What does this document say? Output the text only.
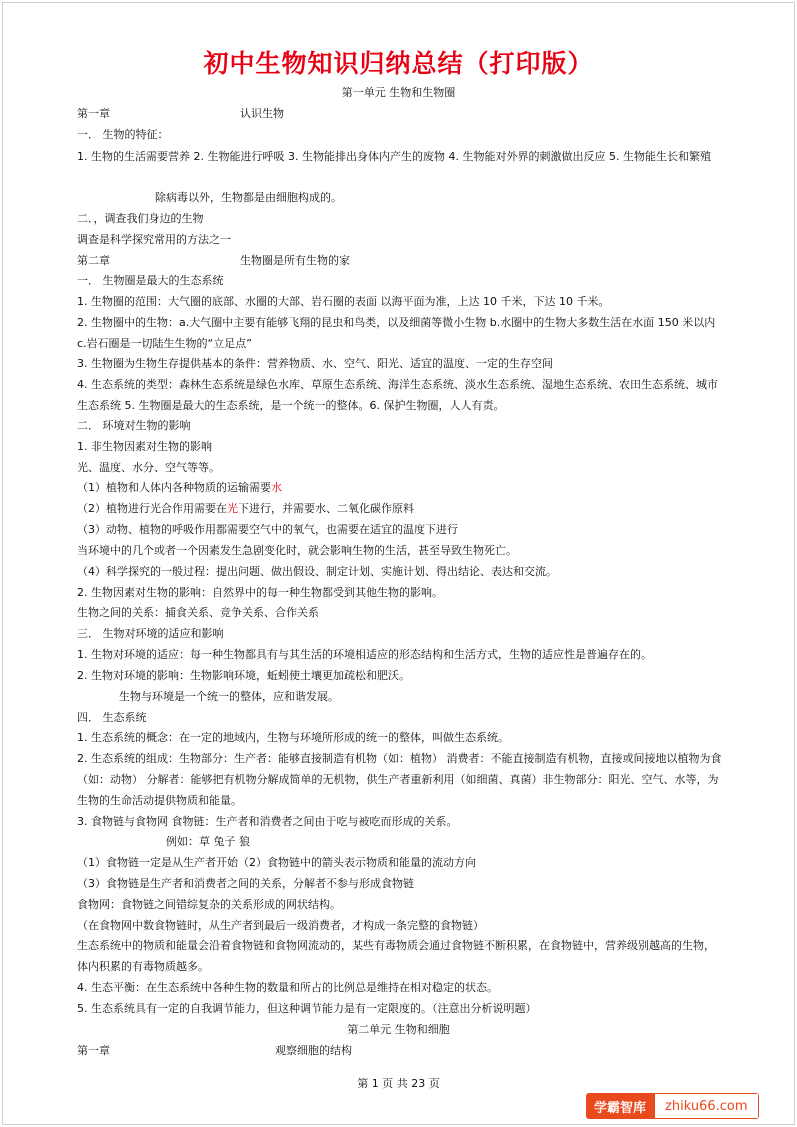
初中生物知识归纳总结（打印版）
第一单元 生物和生物圈
第一章	认识生物
一． 生物的特征：
1. 生物的生活需要营养 2. 生物能进行呼吸 3. 生物能排出身体内产生的废物 4. 生物能对外界的刺激做出反应 5. 生物能生长和繁殖
除病毒以外，生物都是由细胞构成的。
二．，调查我们身边的生物
调查是科学探究常用的方法之一
第二章	生物圈是所有生物的家
一． 生物圈是最大的生态系统
1. 生物圈的范围：大气圈的底部、水圈的大部、岩石圈的表面 以海平面为准，上达 10 千米，下达 10 千米。
2. 生物圈中的生物：a.大气圈中主要有能够飞翔的昆虫和鸟类，以及细菌等微小生物 b.水圈中的生物大多数生活在水面 150 米以内 c.岩石圈是一切陆生生物的“立足点”
3. 生物圈为生物生存提供基本的条件：营养物质、水、空气、阳光、适宜的温度、一定的生存空间
4. 生态系统的类型：森林生态系统是绿色水库、草原生态系统、海洋生态系统、淡水生态系统、湿地生态系统、农田生态系统、城市生态系统 5. 生物圈是最大的生态系统，是一个统一的整体。6. 保护生物圈，人人有责。
二． 环境对生物的影响
1. 非生物因素对生物的影响
光、温度、水分、空气等等。
（1）植物和人体内各种物质的运输需要水
（2）植物进行光合作用需要在光下进行，并需要水、二氧化碳作原料
（3）动物、植物的呼吸作用都需要空气中的氧气，也需要在适宜的温度下进行
当环境中的几个或者一个因素发生急剧变化时，就会影响生物的生活，甚至导致生物死亡。
（4）科学探究的一般过程：提出问题、做出假设、制定计划、实施计划、得出结论、表达和交流。
2. 生物因素对生物的影响：自然界中的每一种生物都受到其他生物的影响。
生物之间的关系：捕食关系、竞争关系、合作关系
三． 生物对环境的适应和影响
1. 生物对环境的适应：每一种生物都具有与其生活的环境相适应的形态结构和生活方式，生物的适应性是普遍存在的。
2. 生物对环境的影响：生物影响环境，蚯蚓使土壤更加疏松和肥沃。
生物与环境是一个统一的整体，应和谐发展。
四． 生态系统
1. 生态系统的概念：在一定的地域内，生物与环境所形成的统一的整体，叫做生态系统。
2. 生态系统的组成：生物部分：生产者：能够直接制造有机物（如：植物） 消费者：不能直接制造有机物，直接或间接地以植物为食（如：动物） 分解者：能够把有机物分解成简单的无机物，供生产者重新利用（如细菌、真菌）非生物部分：阳光、空气、水等，为生物的生命活动提供物质和能量。
3. 食物链与食物网 食物链：生产者和消费者之间由于吃与被吃而形成的关系。
例如：草 兔子 狼
（1）食物链一定是从生产者开始（2）食物链中的箭头表示物质和能量的流动方向
（3）食物链是生产者和消费者之间的关系，分解者不参与形成食物链
食物网：食物链之间错综复杂的关系形成的网状结构。
（在食物网中数食物链时，从生产者到最后一级消费者，才构成一条完整的食物链）
生态系统中的物质和能量会沿着食物链和食物网流动的，某些有毒物质会通过食物链不断积累，在食物链中，营养级别越高的生物，体内积累的有毒物质越多。
4. 生态平衡：在生态系统中各种生物的数量和所占的比例总是维持在相对稳定的状态。
5. 生态系统具有一定的自我调节能力，但这种调节能力是有一定限度的。（注意出分析说明题）
第二单元 生物和细胞
第一章	观察细胞的结构
第 1 页 共 23 页
学霸智库	zhiku66.com
